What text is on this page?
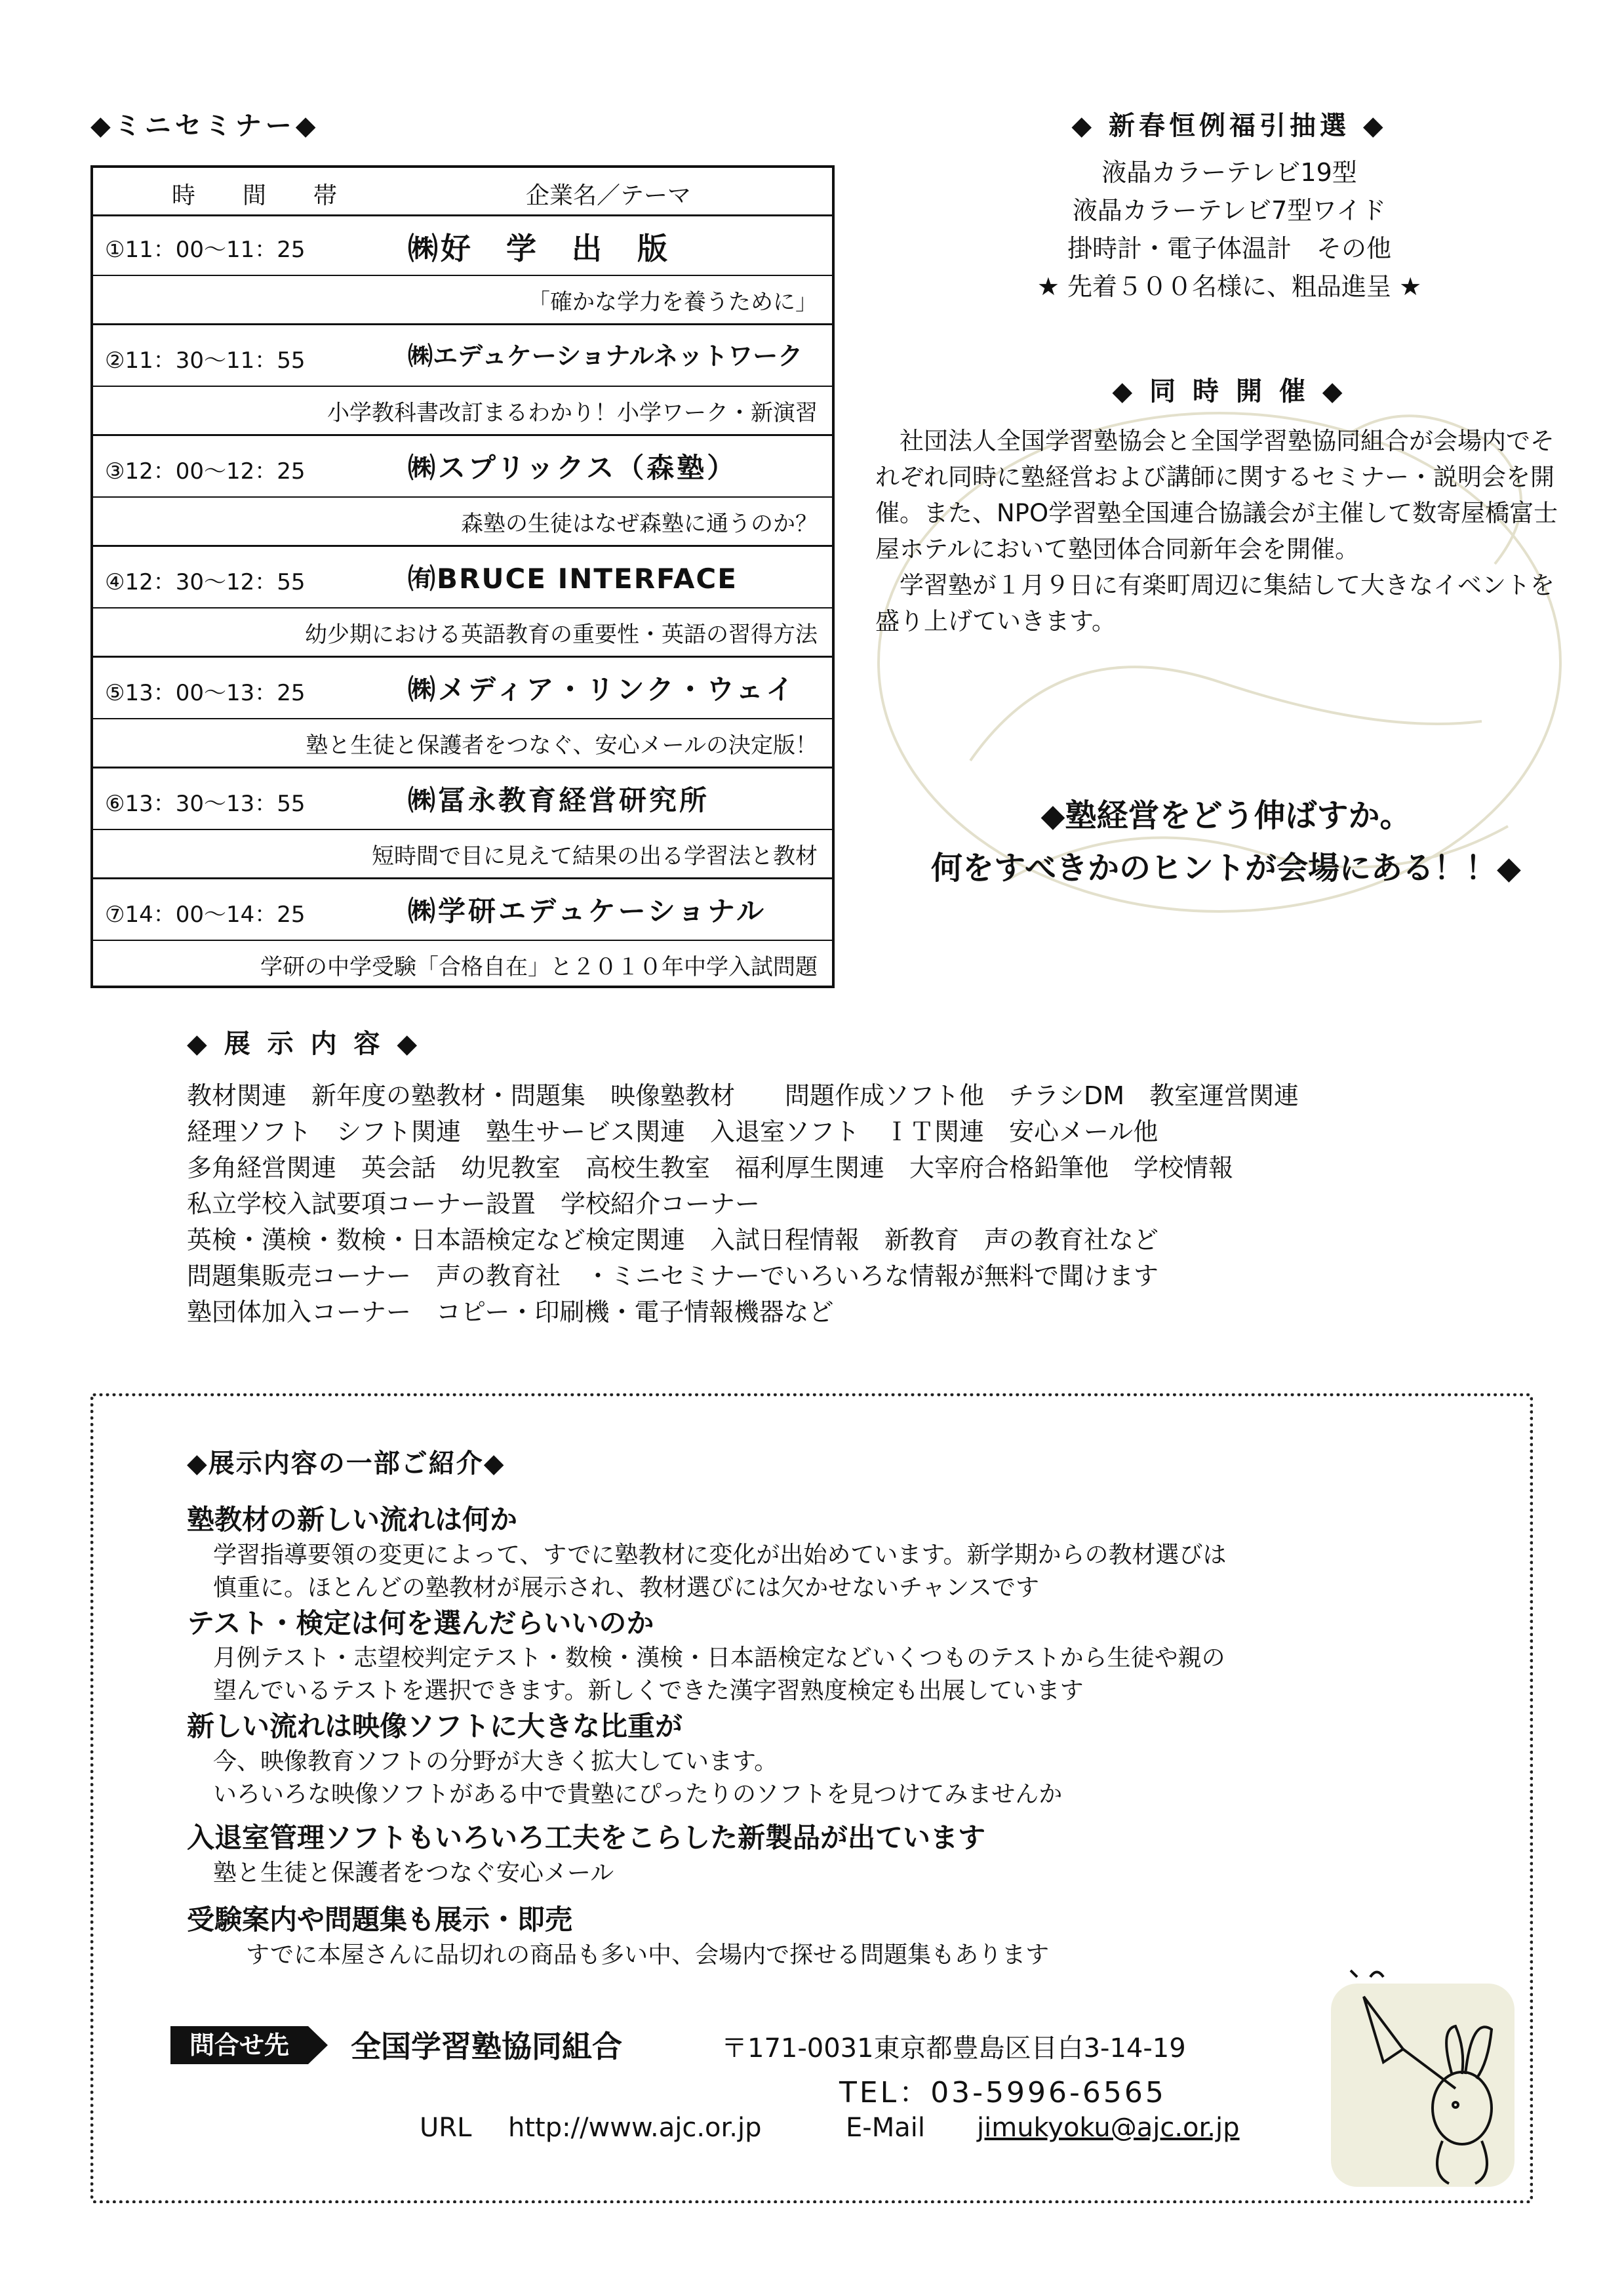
◆ミニセミナー◆
時　　間　　帯	企業名／テーマ
①11：00〜11：25	㈱好　学　出　版
「確かな学力を養うために」
②11：30〜11：55	㈱エデュケーショナルネットワーク
小学教科書改訂まるわかり！小学ワーク・新演習
③12：00〜12：25	㈱スプリックス（森塾）
森塾の生徒はなぜ森塾に通うのか？
④12：30〜12：55	㈲BRUCE INTERFACE
幼少期における英語教育の重要性・英語の習得方法
⑤13：00〜13：25	㈱メディア・リンク・ウェイ
塾と生徒と保護者をつなぐ、安心メールの決定版！
⑥13：30〜13：55	㈱冨永教育経営研究所
短時間で目に見えて結果の出る学習法と教材
⑦14：00〜14：25	㈱学研エデュケーショナル
学研の中学受験「合格自在」と２０１０年中学入試問題
◆ 新春恒例福引抽選 ◆
液晶カラーテレビ19型
液晶カラーテレビ7型ワイド
掛時計・電子体温計　その他
★ 先着５００名様に、粗品進呈 ★
◆ 同 時 開 催 ◆

社団法人全国学習塾協会と全国学習塾協同組合が会場内でそれぞれ同時に塾経営および講師に関するセミナー・説明会を開催。また、NPO学習塾全国連合協議会が主催して数寄屋橋富士屋ホテルにおいて塾団体合同新年会を開催。

学習塾が１月９日に有楽町周辺に集結して大きなイベントを盛り上げていきます。

◆塾経営をどう伸ばすか。
何をすべきかのヒントが会場にある！！◆
◆ 展 示 内 容 ◆
教材関連　新年度の塾教材・問題集　映像塾教材　　問題作成ソフト他　チラシDM　教室運営関連
経理ソフト　シフト関連　塾生サービス関連　入退室ソフト　ＩＴ関連　安心メール他
多角経営関連　英会話　幼児教室　高校生教室　福利厚生関連　大宰府合格鉛筆他　学校情報
私立学校入試要項コーナー設置　学校紹介コーナー
英検・漢検・数検・日本語検定など検定関連　入試日程情報　新教育　声の教育社など
問題集販売コーナー　声の教育社　・ミニセミナーでいろいろな情報が無料で聞けます
塾団体加入コーナー　コピー・印刷機・電子情報機器など
◆展示内容の一部ご紹介◆
塾教材の新しい流れは何か
学習指導要領の変更によって、すでに塾教材に変化が出始めています。新学期からの教材選びは
慎重に。ほとんどの塾教材が展示され、教材選びには欠かせないチャンスです
テスト・検定は何を選んだらいいのか
月例テスト・志望校判定テスト・数検・漢検・日本語検定などいくつものテストから生徒や親の
望んでいるテストを選択できます。新しくできた漢字習熟度検定も出展しています
新しい流れは映像ソフトに大きな比重が
今、映像教育ソフトの分野が大きく拡大しています。
いろいろな映像ソフトがある中で貴塾にぴったりのソフトを見つけてみませんか
入退室管理ソフトもいろいろ工夫をこらした新製品が出ています
塾と生徒と保護者をつなぐ安心メール
受験案内や問題集も展示・即売
すでに本屋さんに品切れの商品も多い中、会場内で探せる問題集もあります
問合せ先	全国学習塾協同組合	〒171-0031東京都豊島区目白3-14-19
TEL：03-5996-6565
URL http://www.ajc.or.jp	E-Mail jimukyoku@ajc.or.jp
